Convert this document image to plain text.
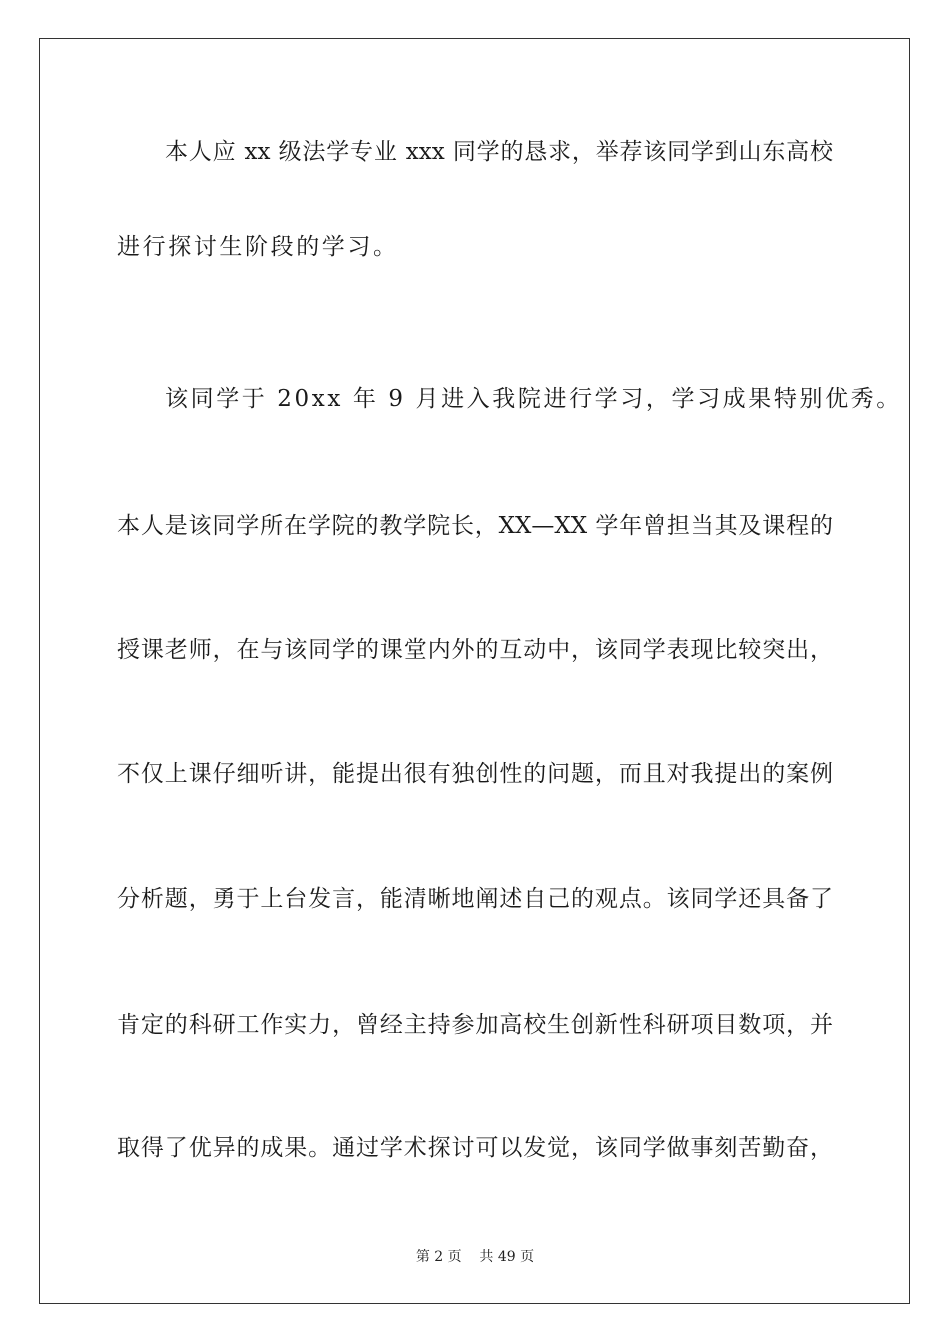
本人应 xx 级法学专业 xxx 同学的恳求，举荐该同学到山东高校
进行探讨生阶段的学习。
该同学于 20xx 年 9 月进入我院进行学习，学习成果特别优秀。
本人是该同学所在学院的教学院长，XX—XX 学年曾担当其及课程的
授课老师，在与该同学的课堂内外的互动中，该同学表现比较突出，
不仅上课仔细听讲，能提出很有独创性的问题，而且对我提出的案例
分析题，勇于上台发言，能清晰地阐述自己的观点。该同学还具备了
肯定的科研工作实力，曾经主持参加高校生创新性科研项目数项，并
取得了优异的成果。通过学术探讨可以发觉，该同学做事刻苦勤奋，
第 2 页    共 49 页
